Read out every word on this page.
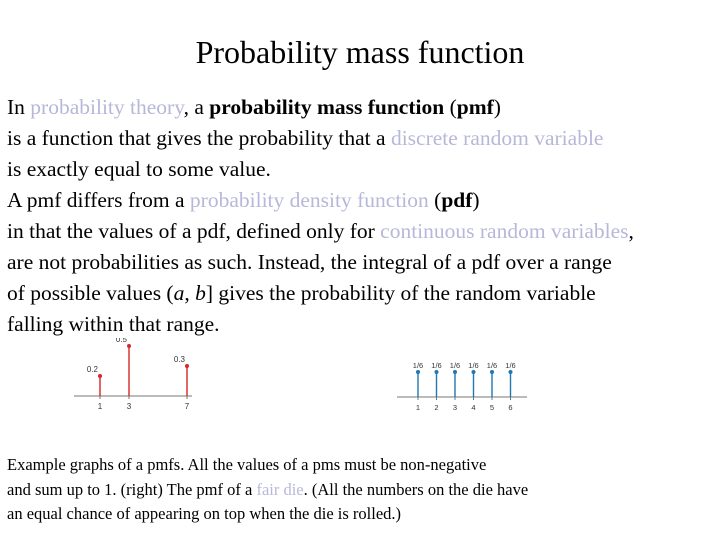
Probability mass function
In probability theory, a probability mass function (pmf)
is a function that gives the probability that a discrete random variable
is exactly equal to some value.
A pmf differs from a probability density function (pdf)
in that the values of a pdf, defined only for continuous random variables,
are not probabilities as such. Instead, the integral of a pdf over a range
of possible values (a, b] gives the probability of the random variable
falling within that range.
0.2
1
0.5
3
0.3
7
1/6
1
1/6
2
1/6
3
1/6
4
1/6
5
1/6
6
Example graphs of a pmfs. All the values of a pms must be non-negative
and sum up to 1. (right) The pmf of a fair die. (All the numbers on the die have
an equal chance of appearing on top when the die is rolled.)
